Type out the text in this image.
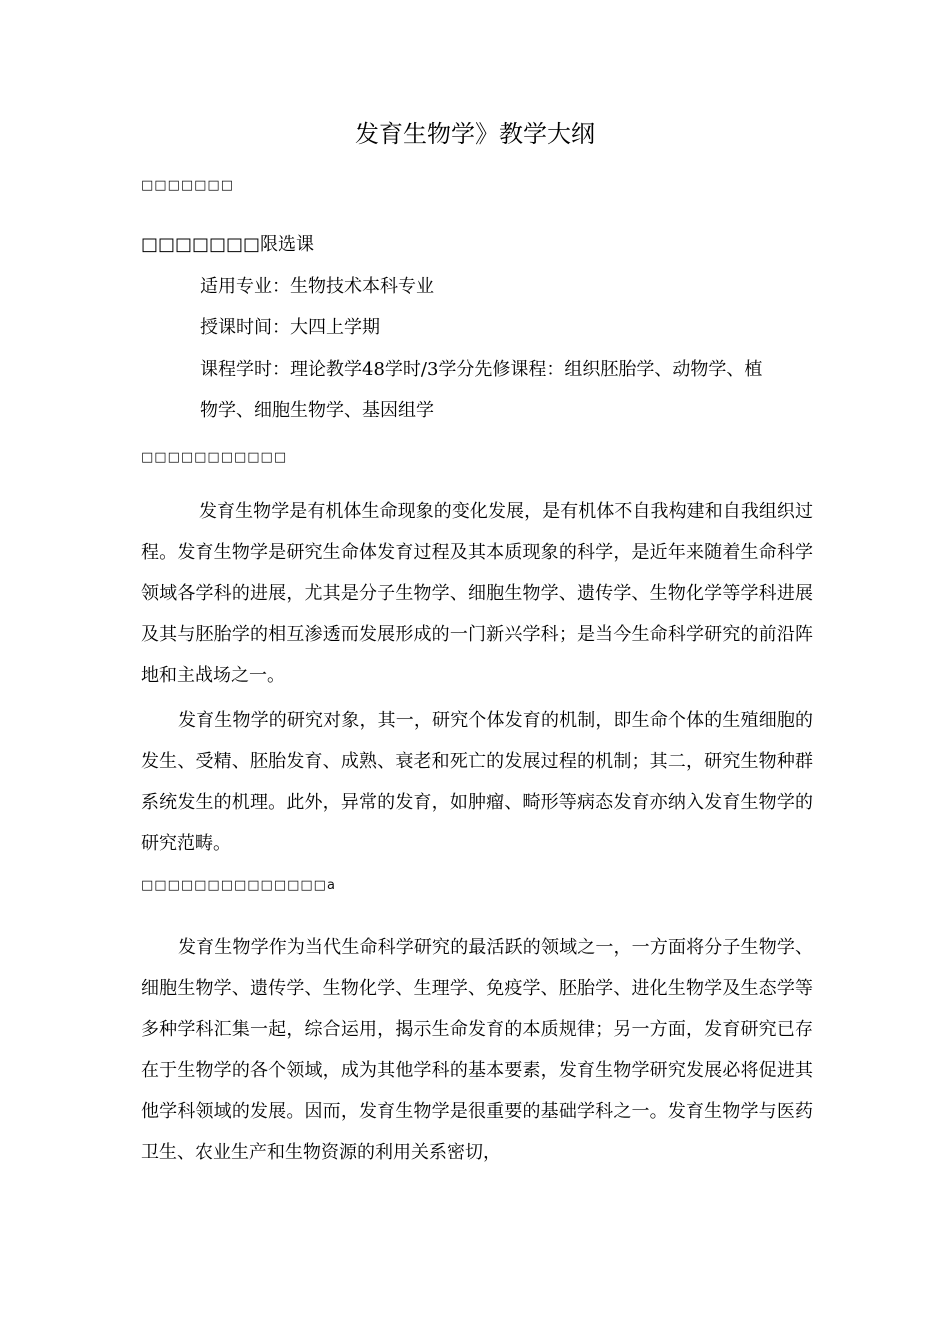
发育生物学》教学大纲
□□□□□□□
□□□□□□□限选课
适用专业：生物技术本科专业
授课时间：大四上学期
课程学时：理论教学48学时/3学分先修课程：组织胚胎学、动物学、植
物学、细胞生物学、基因组学
□□□□□□□□□□□
发育生物学是有机体生命现象的变化发展，是有机体不自我构建和自我组织过程。发育生物学是研究生命体发育过程及其本质现象的科学，是近年来随着生命科学领域各学科的进展，尤其是分子生物学、细胞生物学、遗传学、生物化学等学科进展及其与胚胎学的相互渗透而发展形成的一门新兴学科；是当今生命科学研究的前沿阵地和主战场之一。
发育生物学的研究对象，其一，研究个体发育的机制，即生命个体的生殖细胞的发生、受精、胚胎发育、成熟、衰老和死亡的发展过程的机制；其二，研究生物种群系统发生的机理。此外，异常的发育，如肿瘤、畸形等病态发育亦纳入发育生物学的研究范畴。
□□□□□□□□□□□□□□a
发育生物学作为当代生命科学研究的最活跃的领域之一，一方面将分子生物学、细胞生物学、遗传学、生物化学、生理学、免疫学、胚胎学、进化生物学及生态学等多种学科汇集一起，综合运用，揭示生命发育的本质规律；另一方面，发育研究已存在于生物学的各个领域，成为其他学科的基本要素，发育生物学研究发展必将促进其他学科领域的发展。因而，发育生物学是很重要的基础学科之一。发育生物学与医药卫生、农业生产和生物资源的利用关系密切，
